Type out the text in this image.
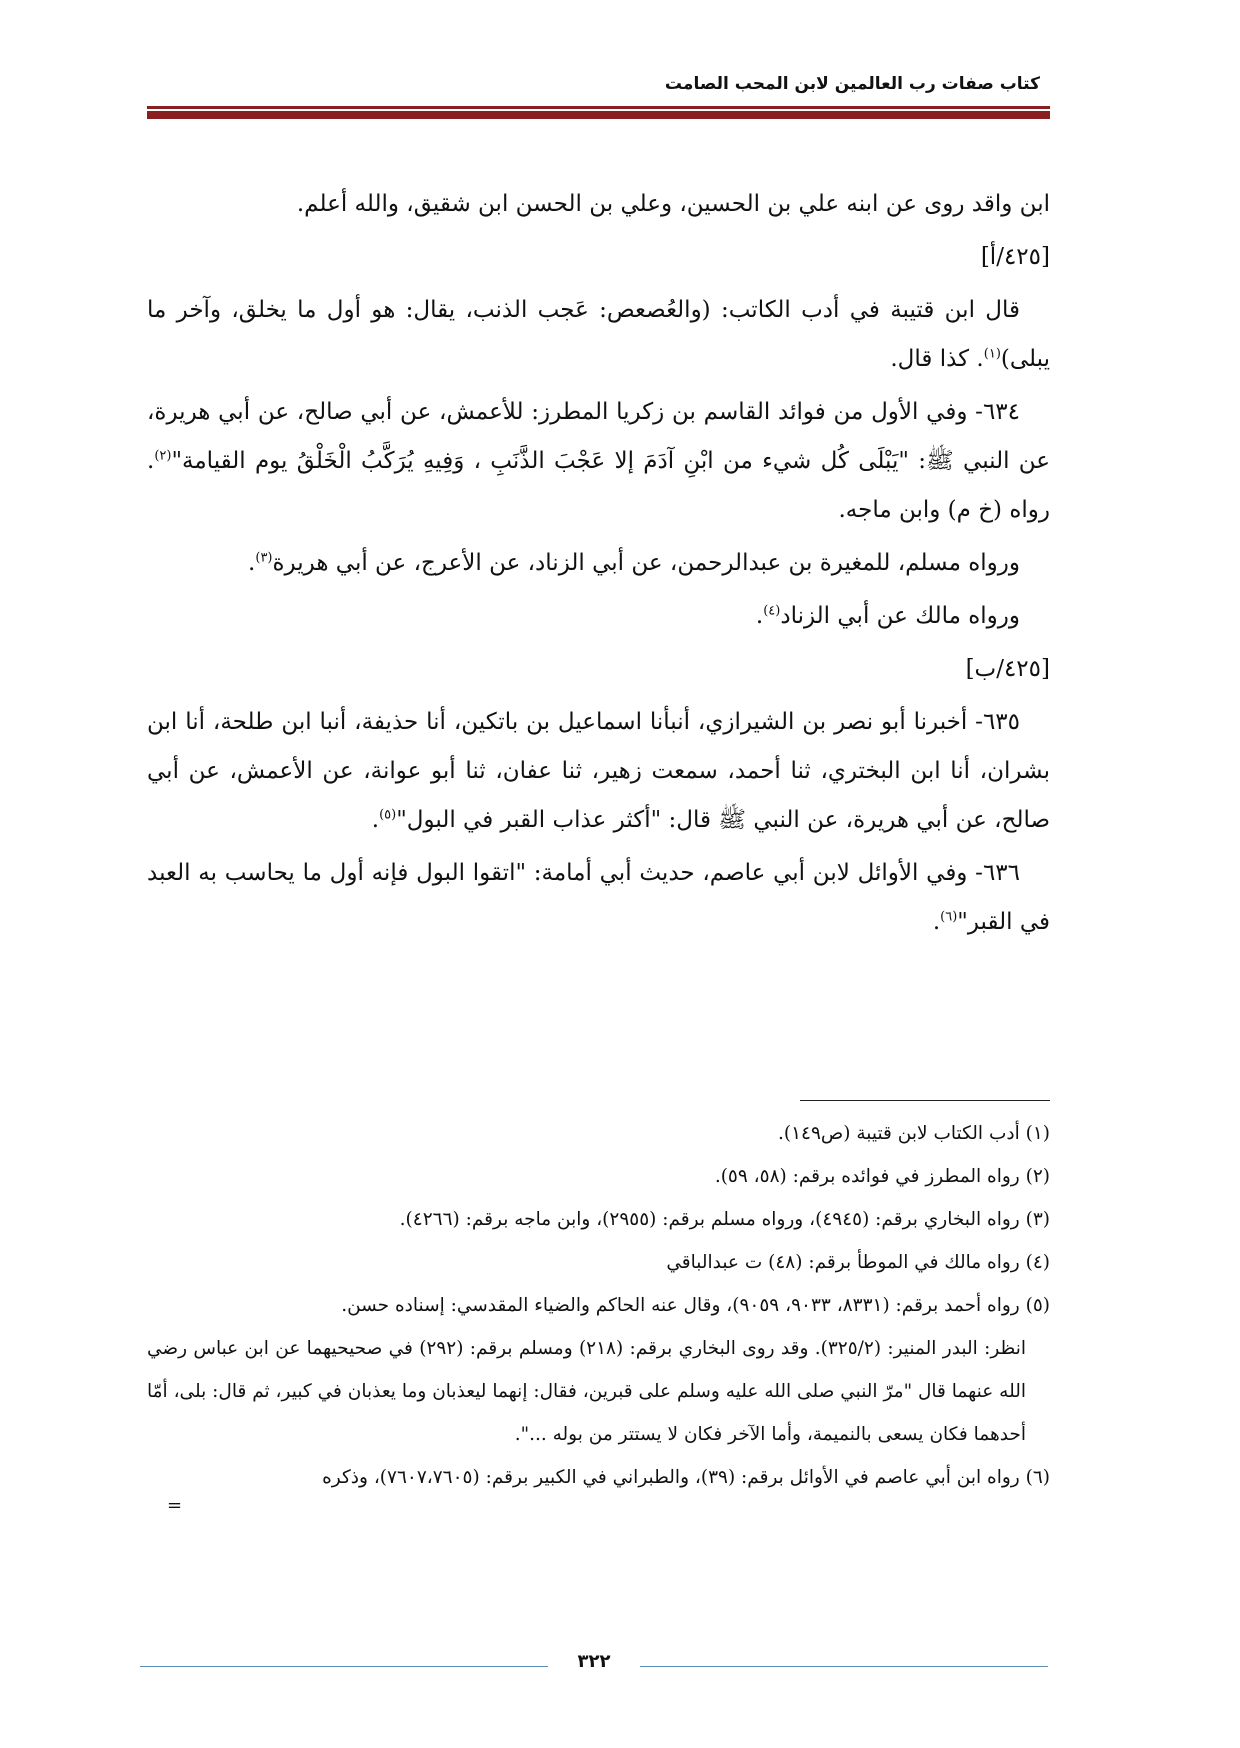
كتاب صفات رب العالمين لابن المحب الصامت

ابن واقد روى عن ابنه علي بن الحسين، وعلي بن الحسن ابن شقيق، والله أعلم.

[٤٢٥/أ]

قال ابن قتيبة في أدب الكاتب: (والعُصعص: عَجب الذنب، يقال: هو أول ما يخلق، وآخر ما يبلى)$^{(١)}$. كذا قال.

٦٣٤- وفي الأول من فوائد القاسم بن زكريا المطرز: للأعمش، عن أبي صالح، عن أبي هريرة، عن النبي ﷺ: "يَبْلَى كُل شيء من ابْنِ آدَمَ إلا عَجْبَ الذَّنَبِ ، وَفِيهِ يُرَكَّبُ الْخَلْقُ يوم القيامة"$^{(٢)}$. رواه (خ م) وابن ماجه.

ورواه مسلم، للمغيرة بن عبدالرحمن، عن أبي الزناد، عن الأعرج، عن أبي هريرة$^{(٣)}$.

ورواه مالك عن أبي الزناد$^{(٤)}$.

[٤٢٥/ب]

٦٣٥- أخبرنا أبو نصر بن الشيرازي، أنبأنا اسماعيل بن باتكين، أنا حذيفة، أنبا ابن طلحة، أنا ابن بشران، أنا ابن البختري، ثنا أحمد، سمعت زهير، ثنا عفان، ثنا أبو عوانة، عن الأعمش، عن أبي صالح، عن أبي هريرة، عن النبي ﷺ قال: "أكثر عذاب القبر في البول"$^{(٥)}$.

٦٣٦- وفي الأوائل لابن أبي عاصم، حديث أبي أمامة: "اتقوا البول فإنه أول ما يحاسب به العبد في القبر"$^{(٦)}$.

(١) أدب الكتاب لابن قتيبة (ص١٤٩).

(٢) رواه المطرز في فوائده برقم: (٥٨، ٥٩).

(٣) رواه البخاري برقم: (٤٩٤٥)، ورواه مسلم برقم: (٢٩٥٥)، وابن ماجه برقم: (٤٢٦٦).

(٤) رواه مالك في الموطأ برقم: (٤٨) ت عبدالباقي

(٥) رواه أحمد برقم: (٨٣٣١، ٩٠٣٣، ٩٠٥٩)، وقال عنه الحاكم والضياء المقدسي: إسناده حسن.

انظر: البدر المنير: (٣٢٥/٢). وقد روى البخاري برقم: (٢١٨) ومسلم برقم: (٢٩٢) في صحيحيهما عن ابن عباس رضي الله عنهما قال "مرّ النبي صلى الله عليه وسلم على قبرين، فقال: إنهما ليعذبان وما يعذبان في كبير، ثم قال: بلى، أمّا أحدهما فكان يسعى بالنميمة، وأما الآخر فكان لا يستتر من بوله ...".

(٦) رواه ابن أبي عاصم في الأوائل برقم: (٣٩)، والطبراني في الكبير برقم: (٧٦٠٧،٧٦٠٥)، وذكره

=

٣٢٢
